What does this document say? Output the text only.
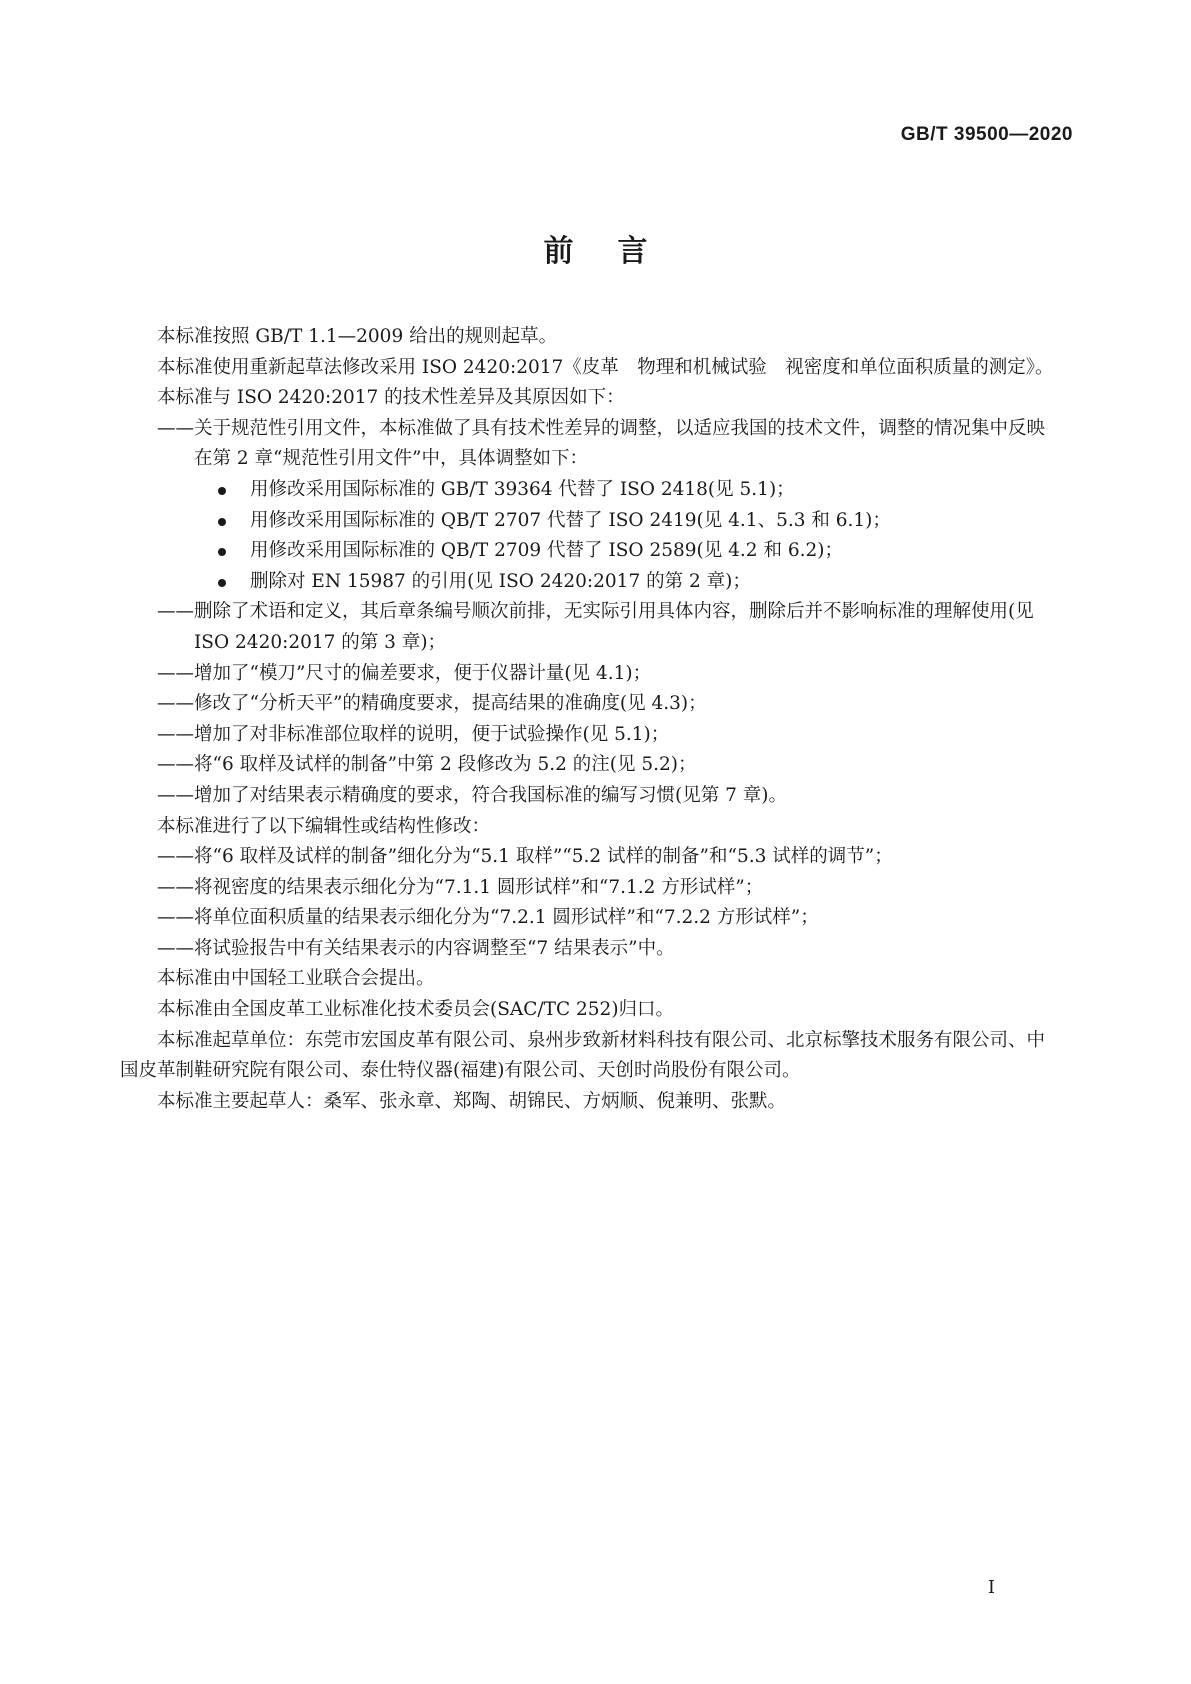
GB/T 39500—2020
前言

本标准按照 GB/T 1.1—2009 给出的规则起草。

本标准使用重新起草法修改采用 ISO 2420:2017《皮革　物理和机械试验　视密度和单位面积质量的测定》。

本标准与 ISO 2420:2017 的技术性差异及其原因如下：

——关于规范性引用文件，本标准做了具有技术性差异的调整，以适应我国的技术文件，调整的情况集中反映在第 2 章“规范性引用文件”中，具体调整如下：
用修改采用国际标准的 GB/T 39364 代替了 ISO 2418(见 5.1)；
用修改采用国际标准的 QB/T 2707 代替了 ISO 2419(见 4.1、5.3 和 6.1)；
用修改采用国际标准的 QB/T 2709 代替了 ISO 2589(见 4.2 和 6.2)；
删除对 EN 15987 的引用(见 ISO 2420:2017 的第 2 章)；
——删除了术语和定义，其后章条编号顺次前排，无实际引用具体内容，删除后并不影响标准的理解使用(见 ISO 2420:2017 的第 3 章)；
——增加了“模刀”尺寸的偏差要求，便于仪器计量(见 4.1)；
——修改了“分析天平”的精确度要求，提高结果的准确度(见 4.3)；
——增加了对非标准部位取样的说明，便于试验操作(见 5.1)；
——将“6 取样及试样的制备”中第 2 段修改为 5.2 的注(见 5.2)；
——增加了对结果表示精确度的要求，符合我国标准的编写习惯(见第 7 章)。

本标准进行了以下编辑性或结构性修改：

——将“6 取样及试样的制备”细化分为“5.1 取样”“5.2 试样的制备”和“5.3 试样的调节”；
——将视密度的结果表示细化分为“7.1.1 圆形试样”和“7.1.2 方形试样”；
——将单位面积质量的结果表示细化分为“7.2.1 圆形试样”和“7.2.2 方形试样”；
——将试验报告中有关结果表示的内容调整至“7 结果表示”中。

本标准由中国轻工业联合会提出。

本标准由全国皮革工业标准化技术委员会(SAC/TC 252)归口。

本标准起草单位：东莞市宏国皮革有限公司、泉州步致新材料科技有限公司、北京标擎技术服务有限公司、中国皮革制鞋研究院有限公司、泰仕特仪器(福建)有限公司、天创时尚股份有限公司。

本标准主要起草人：桑军、张永章、郑陶、胡锦民、方炳顺、倪兼明、张默。

I
